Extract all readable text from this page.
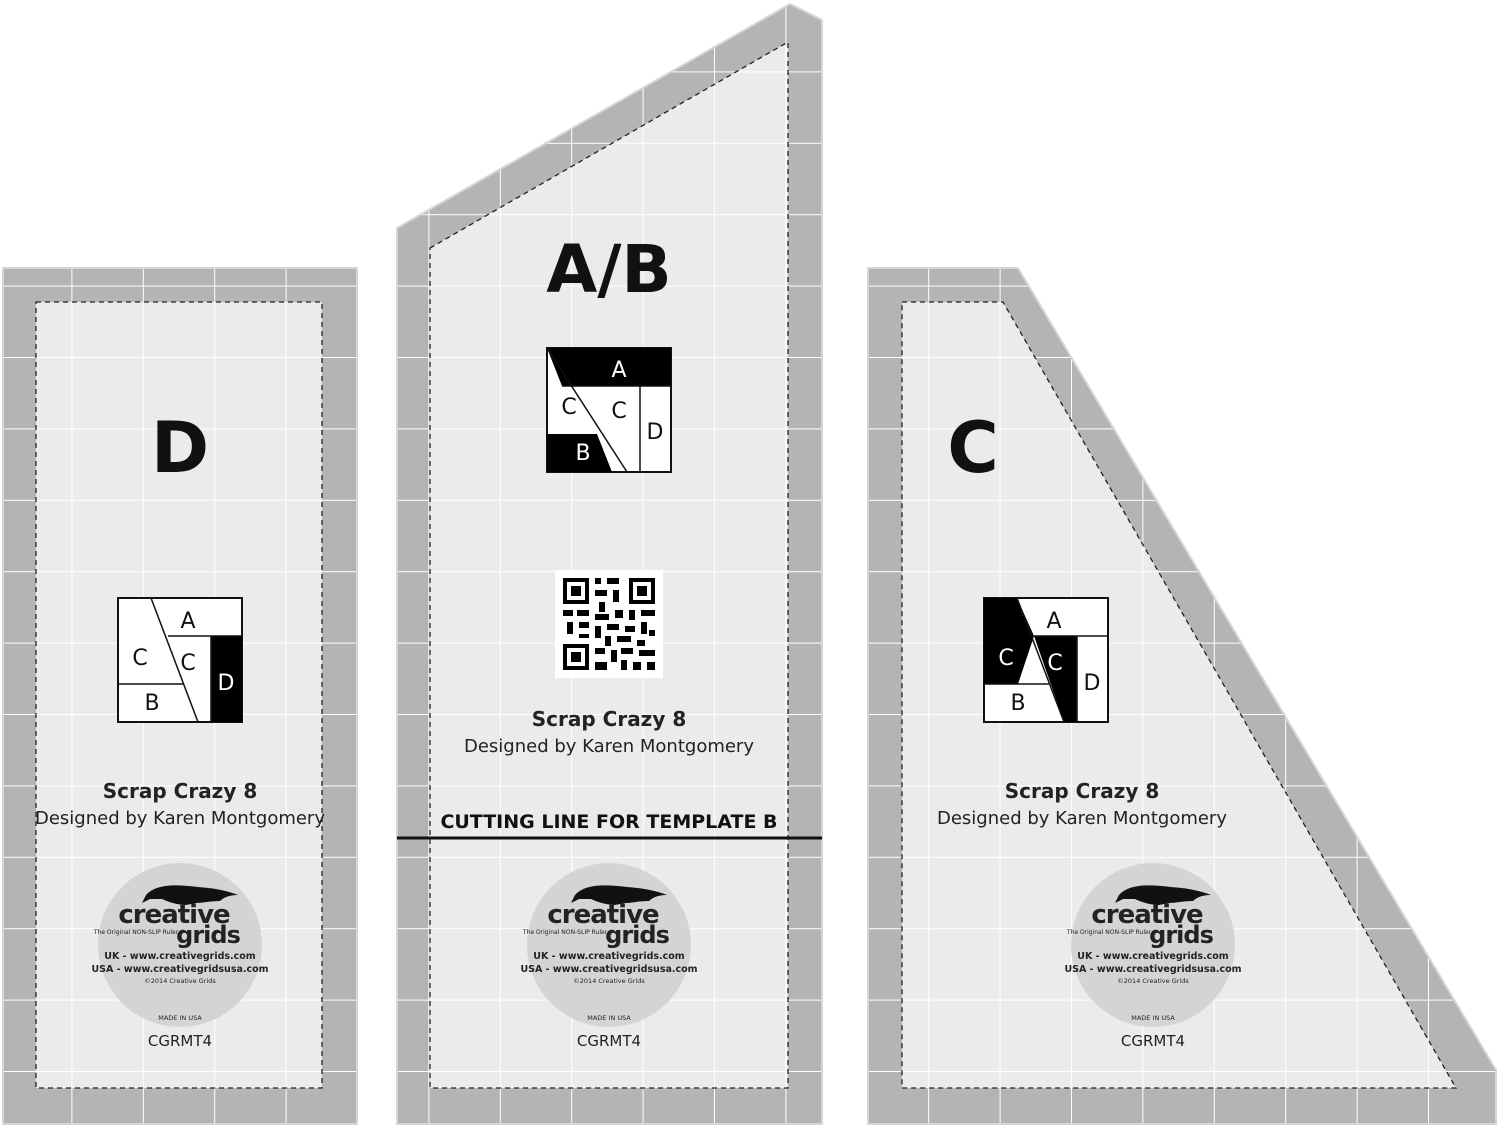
D
A
C C
B
D
Scrap Crazy 8
Designed by Karen Montgomery
creative
grids
The Original NON-SLIP Ruler
UK - www.creativegrids.com
USA - www.creativegridsusa.com
©2014 Creative Grids
MADE IN USA
CGRMT4
A/B
A
C C
B
D
Scrap Crazy 8
Designed by Karen Montgomery
CUTTING LINE FOR TEMPLATE B
creative
grids
The Original NON-SLIP Ruler
UK - www.creativegrids.com
USA - www.creativegridsusa.com
©2014 Creative Grids
MADE IN USA
CGRMT4
C
A
C C
B
D
Scrap Crazy 8
Designed by Karen Montgomery
creative
grids
The Original NON-SLIP Ruler
UK - www.creativegrids.com
USA - www.creativegridsusa.com
©2014 Creative Grids
MADE IN USA
CGRMT4
